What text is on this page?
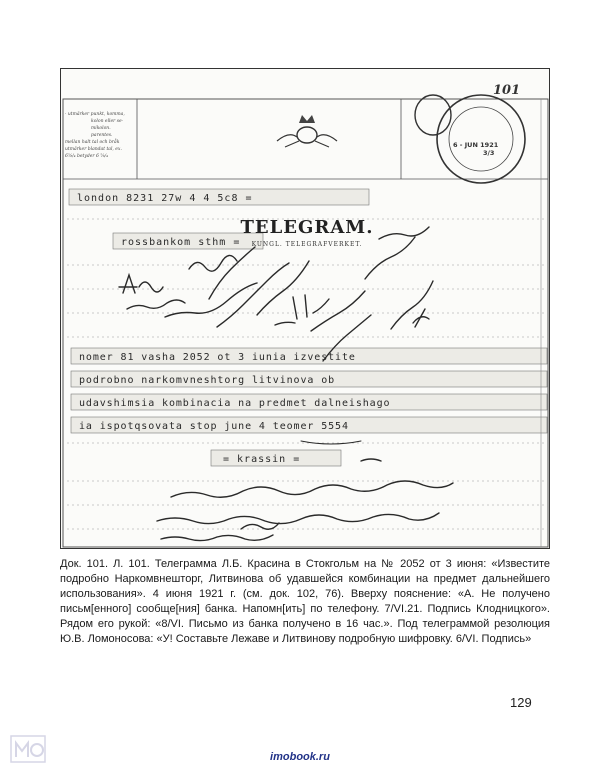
· utmärker punkt, komma,
kolon eller se-
mikolon.
parentes.
mellan halt tal och bråk
utmärker blandat tal, ex.
6⅝/₄ betyder 6 ⅝/₄
TELEGRAM.
KUNGL. TELEGRAFVERKET.
101
6 - JUN 1921
3/3
london 8231 27w 4 4 5c8 =
rossbankom sthm =
nomer 81 vasha 2052 ot 3 iunia izvestite
podrobno narkomvneshtorg litvinova ob
udavshimsia kombinacia na predmet dalneishago
ia ispotqsovata stop june 4 teomer 5554
= krassin =
Док. 101. Л. 101. Телеграмма Л.Б. Красина в Стокгольм на № 2052 от 3 июня: «Известите подробно Наркомвнешторг, Литвинова об удавшейся комбинации на предмет дальнейшего использования». 4 июня 1921 г. (см. док. 102, 76). Вверху пояснение: «А. Не получено письм[енного] сообще[ния] банка. Напомн[ить] по телефону. 7/VI.21. Подпись Клодницкого». Рядом его рукой: «8/VI. Письмо из банка получено в 16 час.». Под телеграммой резолюция Ю.В. Ломоносова: «У! Составьте Лежаве и Литвинову подробную шифровку. 6/VI. Подпись»
129
imobook.ru
